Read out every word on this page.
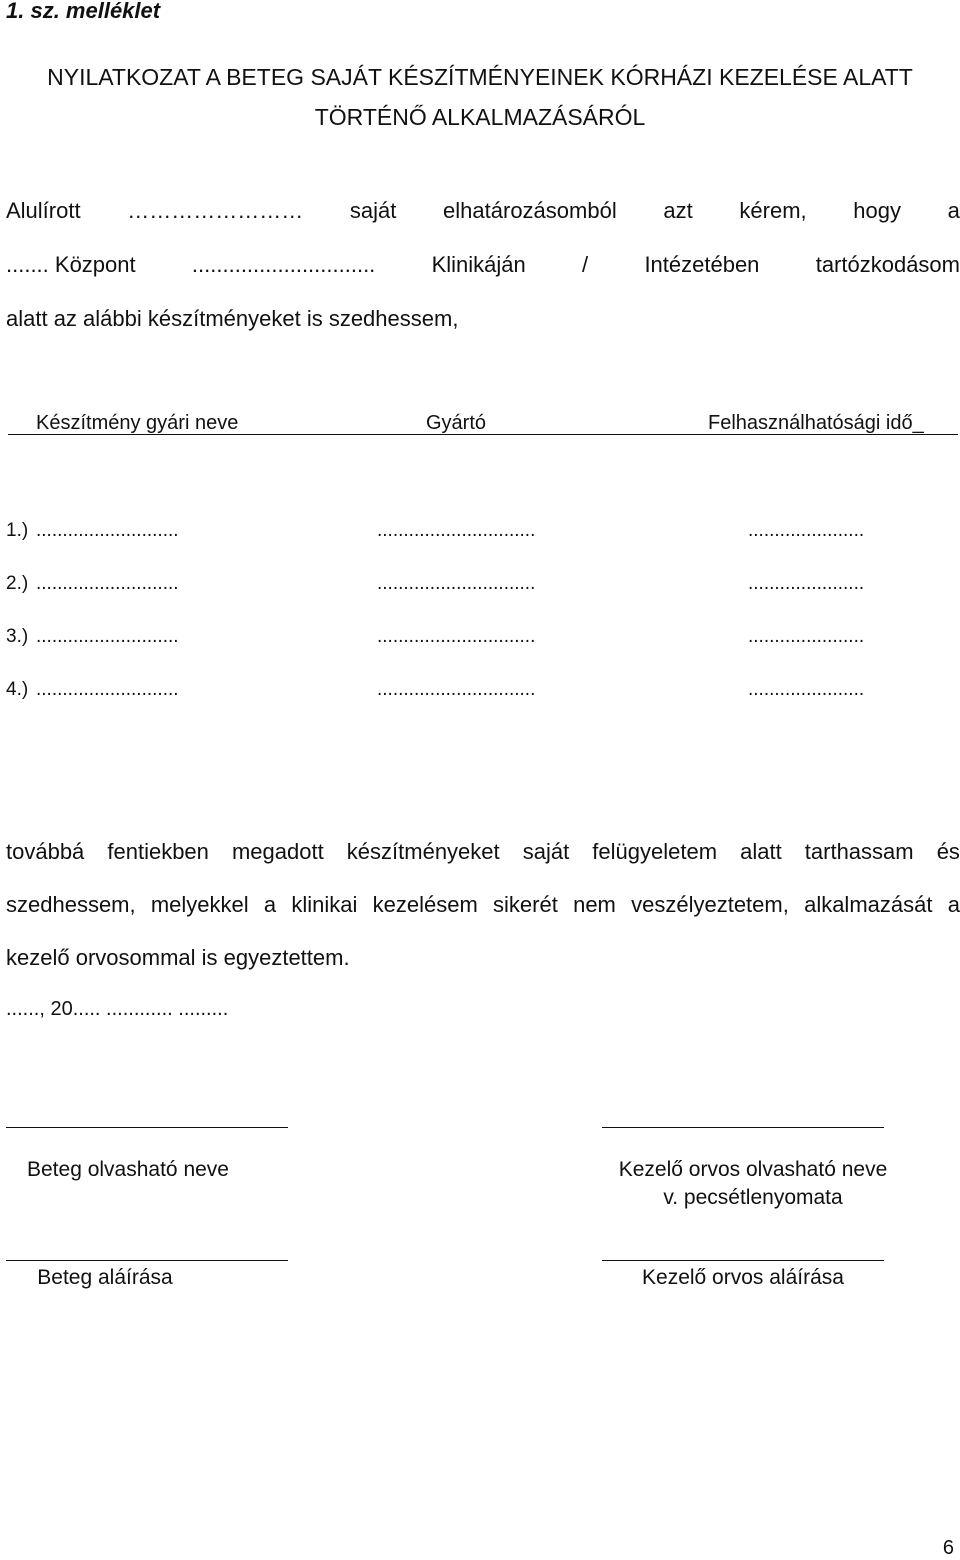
1. sz. melléklet
NYILATKOZAT A BETEG SAJÁT KÉSZÍTMÉNYEINEK KÓRHÁZI KEZELÉSE ALATT
TÖRTÉNŐ ALKALMAZÁSÁRÓL
Alulírott …………………… saját elhatározásomból azt kérem, hogy a
....... Központ	..............................	Klinikáján	/	Intézetében	tartózkodásom
alatt az alábbi készítményeket is szedhessem,
Készítmény gyári neve	Gyártó	Felhasználhatósági idő_
1.) ...........................	..............................	......................
2.) ...........................	..............................	......................
3.) ...........................	..............................	......................
4.) ...........................	..............................	......................
továbbá fentiekben megadott készítményeket saját felügyeletem alatt tarthassam és
szedhessem, melyekkel a klinikai kezelésem sikerét nem veszélyeztetem, alkalmazását a
kezelő orvosommal is egyeztettem.
......, 20..... ............ .........
Beteg olvasható neve	Kezelő orvos olvasható neve
v. pecsétlenyomata
Beteg aláírása	Kezelő orvos aláírása
6
